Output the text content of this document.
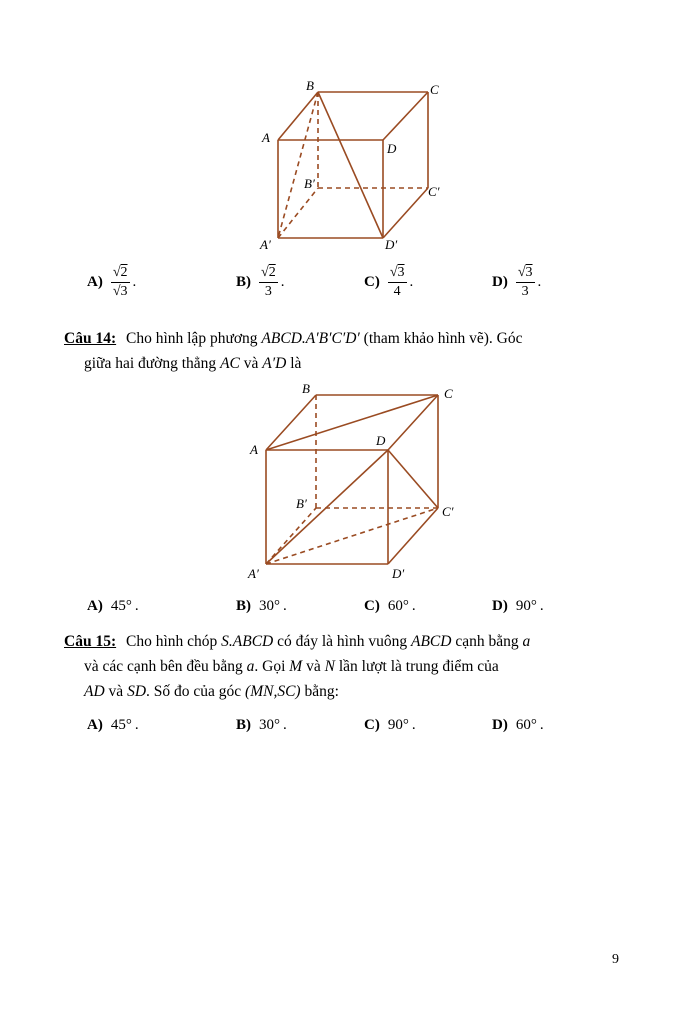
B	C
A
D
B′
C′
A′	D′
$A) \frac{√2}{√3}$ .	$B) \frac{√2}{3}$ .	$C) \frac{√3}{4}$ .	$D) \frac{√3}{3}$ .
Câu 14: Cho hình lập phương ABCD.A′B′C′D′ (tham khảo hình vẽ). Góc
giữa hai đường thẳng AC và A′D là
B	C
A
D
B′
C′
A′	D′
A) 45° .	B) 30° .	C) 60° .	D) 90° .
Câu 15: Cho hình chóp S.ABCD có đáy là hình vuông ABCD cạnh bằng a
và các cạnh bên đều bằng a. Gọi M và N lần lượt là trung điểm của
AD và SD. Số đo của góc (MN,SC) bằng:
A) 45° .	B) 30° .	C) 90° .	D) 60° .
9
